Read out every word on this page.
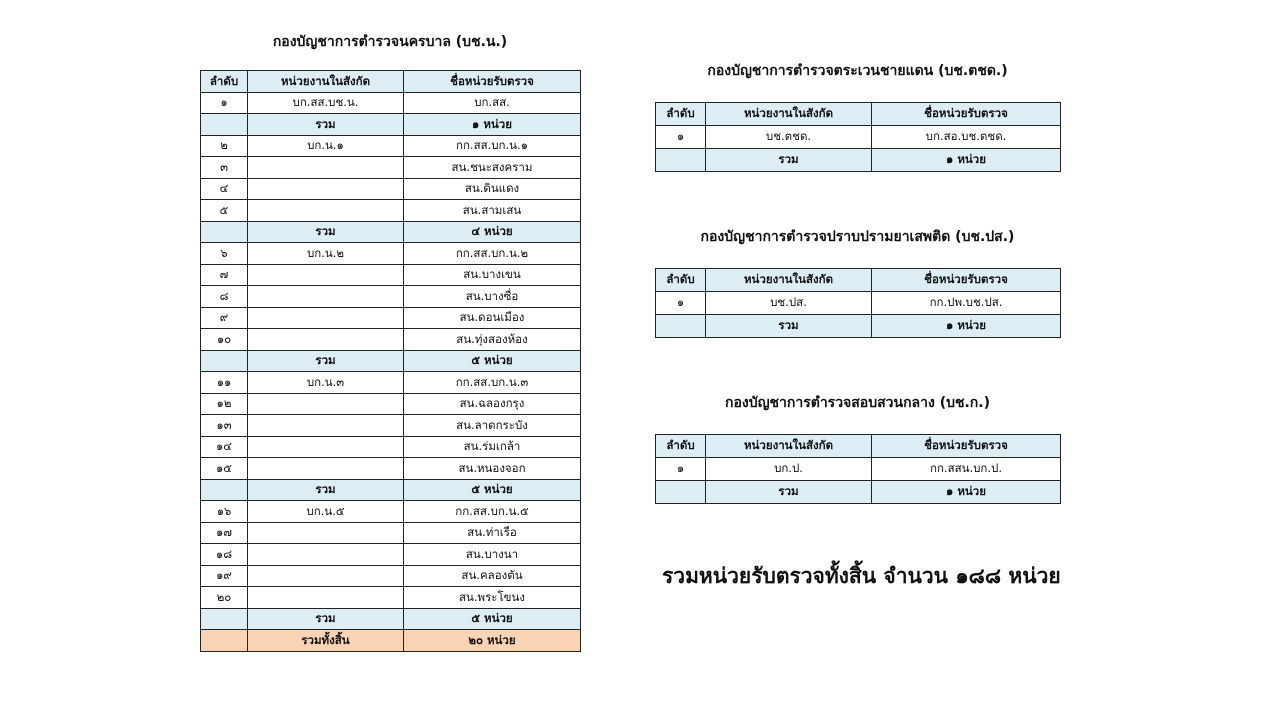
กองบัญชาการตำรวจนครบาล (บช.น.)
ลำดับ	หน่วยงานในสังกัด	ชื่อหน่วยรับตรวจ
๑	บก.สส.บช.น.	บก.สส.
	รวม	๑ หน่วย
๒	บก.น.๑	กก.สส.บก.น.๑
๓		สน.ชนะสงคราม
๔		สน.ดินแดง
๕		สน.สามเสน
	รวม	๔ หน่วย
๖	บก.น.๒	กก.สส.บก.น.๒
๗		สน.บางเขน
๘		สน.บางซื่อ
๙		สน.ดอนเมือง
๑๐		สน.ทุ่งสองห้อง
	รวม	๕ หน่วย
๑๑	บก.น.๓	กก.สส.บก.น.๓
๑๒		สน.ฉลองกรุง
๑๓		สน.ลาดกระบัง
๑๔		สน.ร่มเกล้า
๑๕		สน.หนองจอก
	รวม	๕ หน่วย
๑๖	บก.น.๕	กก.สส.บก.น.๕
๑๗		สน.ท่าเรือ
๑๘		สน.บางนา
๑๙		สน.คลองตัน
๒๐		สน.พระโขนง
	รวม	๕ หน่วย
	รวมทั้งสิ้น	๒๐ หน่วย
กองบัญชาการตำรวจตระเวนชายแดน (บช.ตชด.)
ลำดับ	หน่วยงานในสังกัด	ชื่อหน่วยรับตรวจ
๑	บช.ตชด.	บก.สอ.บช.ตชด.
	รวม	๑ หน่วย
กองบัญชาการตำรวจปราบปรามยาเสพติด (บช.ปส.)
ลำดับ	หน่วยงานในสังกัด	ชื่อหน่วยรับตรวจ
๑	บช.ปส.	กก.ปพ.บช.ปส.
	รวม	๑ หน่วย
กองบัญชาการตำรวจสอบสวนกลาง (บช.ก.)
ลำดับ	หน่วยงานในสังกัด	ชื่อหน่วยรับตรวจ
๑	บก.ป.	กก.สสน.บก.ป.
	รวม	๑ หน่วย
รวมหน่วยรับตรวจทั้งสิ้น จำนวน ๑๘๘ หน่วย
